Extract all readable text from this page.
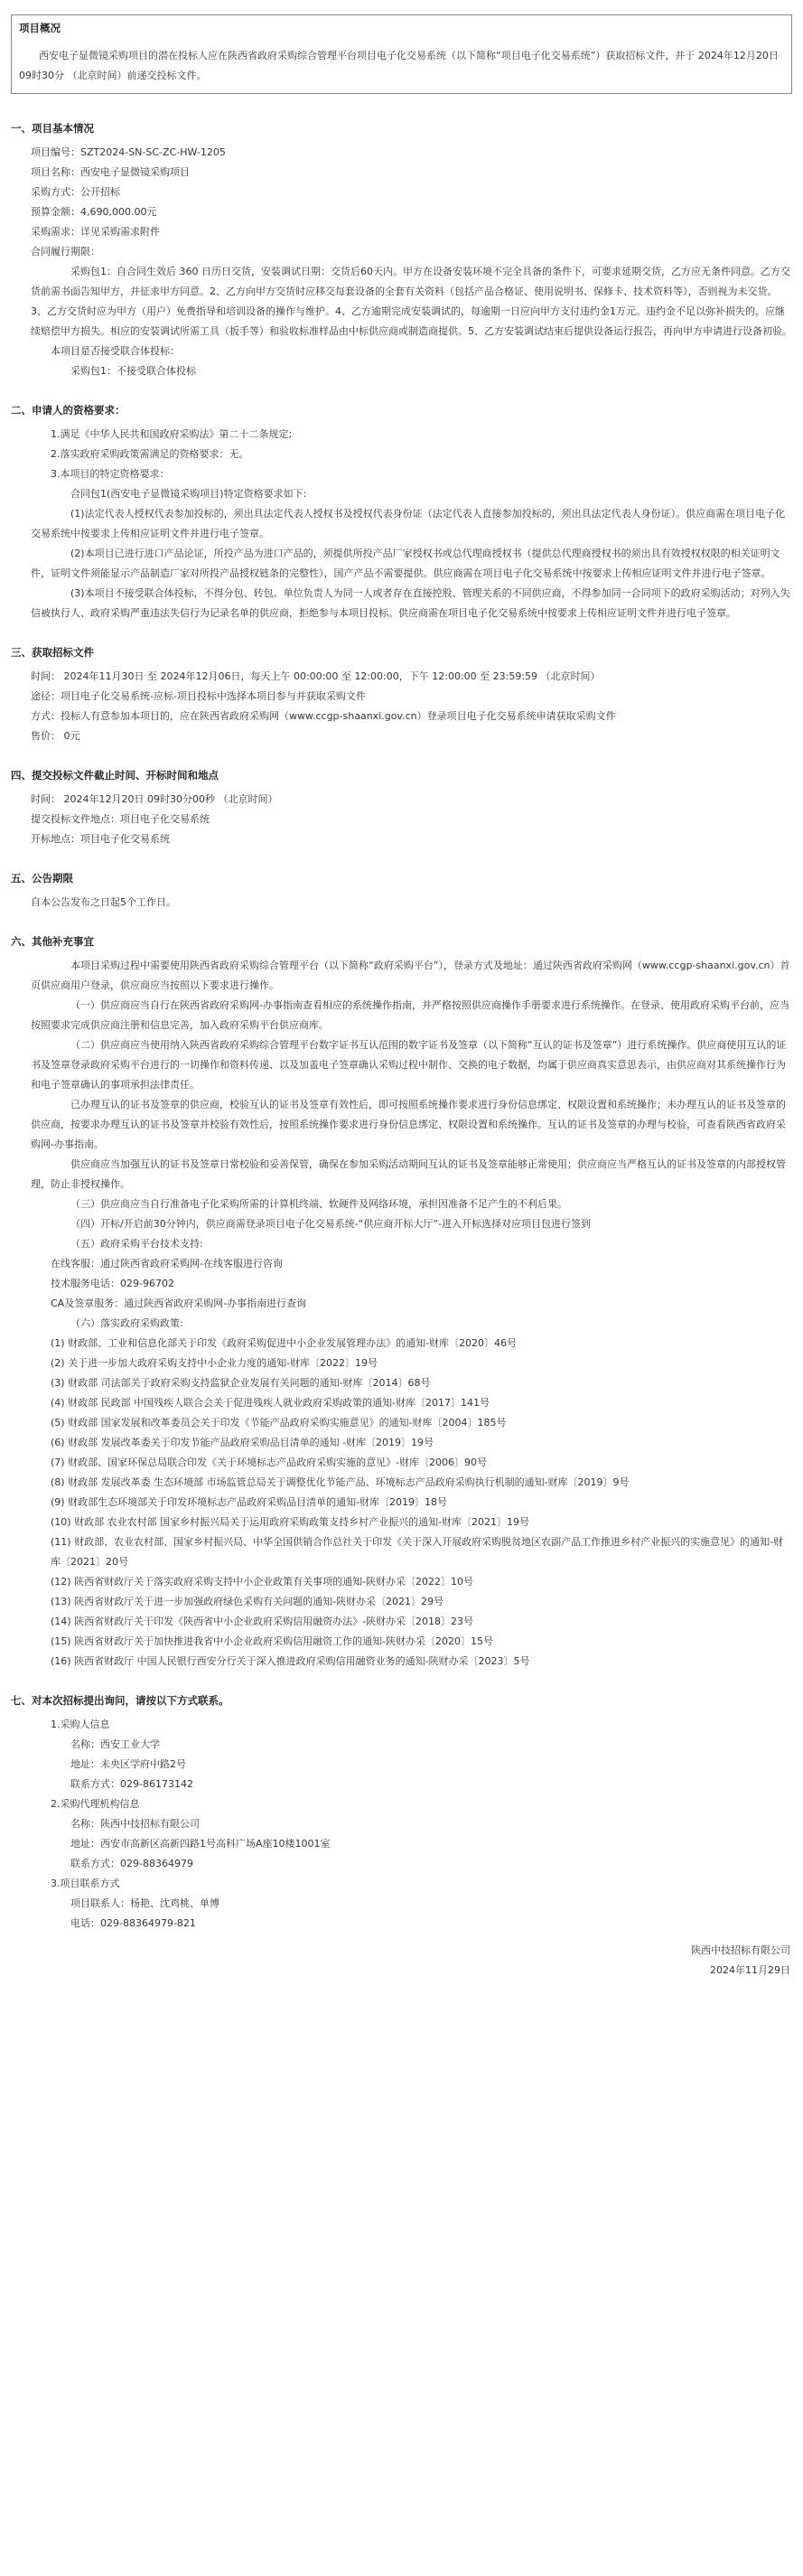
项目概况

西安电子显微镜采购项目的潜在投标人应在陕西省政府采购综合管理平台项目电子化交易系统（以下简称“项目电子化交易系统”）获取招标文件，并于 2024年12月20日 09时30分 （北京时间）前递交投标文件。

一、项目基本情况

项目编号：SZT2024-SN-SC-ZC-HW-1205

项目名称：西安电子显微镜采购项目

采购方式：公开招标

预算金额：4,690,000.00元

采购需求：详见采购需求附件

合同履行期限：

采购包1：自合同生效后 360 日历日交货，安装调试日期：交货后60天内。甲方在设备安装环境不完全具备的条件下，可要求延期交货，乙方应无条件同意。乙方交货前需书面告知甲方，并征求甲方同意。2、乙方向甲方交货时应移交每套设备的全套有关资料（包括产品合格证、使用说明书、保修卡、技术资料等），否则视为未交货。3、乙方交货时应为甲方（用户）免费指导和培训设备的操作与维护。4、乙方逾期完成安装调试的，每逾期一日应向甲方支付违约金1万元。违约金不足以弥补损失的，应继续赔偿甲方损失。相应的安装调试所需工具（扳手等）和验收标准样品由中标供应商或制造商提供。5、乙方安装调试结束后提供设备运行报告，再向甲方申请进行设备初验。

本项目是否接受联合体投标：

采购包1：不接受联合体投标

二、申请人的资格要求：

1.满足《中华人民共和国政府采购法》第二十二条规定;

2.落实政府采购政策需满足的资格要求：无。

3.本项目的特定资格要求：

合同包1(西安电子显微镜采购项目)特定资格要求如下:

(1)法定代表人授权代表参加投标的，须出具法定代表人授权书及授权代表身份证（法定代表人直接参加投标的，须出具法定代表人身份证）。供应商需在项目电子化交易系统中按要求上传相应证明文件并进行电子签章。

(2)本项目已进行进口产品论证，所投产品为进口产品的，须提供所投产品厂家授权书或总代理商授权书（提供总代理商授权书的须出具有效授权权限的相关证明文件，证明文件须能显示产品制造厂家对所投产品授权链条的完整性），国产产品不需要提供。供应商需在项目电子化交易系统中按要求上传相应证明文件并进行电子签章。

(3)本项目不接受联合体投标，不得分包、转包。单位负责人为同一人或者存在直接控股、管理关系的不同供应商，不得参加同一合同项下的政府采购活动；对列入失信被执行人、政府采购严重违法失信行为记录名单的供应商，拒绝参与本项目投标。供应商需在项目电子化交易系统中按要求上传相应证明文件并进行电子签章。

三、获取招标文件

时间： 2024年11月30日 至 2024年12月06日，每天上午 00:00:00 至 12:00:00，下午 12:00:00 至 23:59:59 （北京时间）

途径：项目电子化交易系统-应标-项目投标中选择本项目参与并获取采购文件

方式：投标人有意参加本项目的，应在陕西省政府采购网（www.ccgp-shaanxi.gov.cn）登录项目电子化交易系统申请获取采购文件

售价： 0元

四、提交投标文件截止时间、开标时间和地点

时间： 2024年12月20日 09时30分00秒 （北京时间）

提交投标文件地点：项目电子化交易系统

开标地点：项目电子化交易系统

五、公告期限

自本公告发布之日起5个工作日。

六、其他补充事宜

本项目采购过程中需要使用陕西省政府采购综合管理平台（以下简称“政府采购平台”），登录方式及地址：通过陕西省政府采购网（www.ccgp-shaanxi.gov.cn）首页供应商用户登录，供应商应当按照以下要求进行操作。

（一）供应商应当自行在陕西省政府采购网-办事指南查看相应的系统操作指南，并严格按照供应商操作手册要求进行系统操作。在登录、使用政府采购平台前，应当按照要求完成供应商注册和信息完善，加入政府采购平台供应商库。

（二）供应商应当使用纳入陕西省政府采购综合管理平台数字证书互认范围的数字证书及签章（以下简称“互认的证书及签章”）进行系统操作。供应商使用互认的证书及签章登录政府采购平台进行的一切操作和资料传递、以及加盖电子签章确认采购过程中制作、交换的电子数据，均属于供应商真实意思表示，由供应商对其系统操作行为和电子签章确认的事项承担法律责任。

已办理互认的证书及签章的供应商，校验互认的证书及签章有效性后，即可按照系统操作要求进行身份信息绑定、权限设置和系统操作；未办理互认的证书及签章的供应商，按要求办理互认的证书及签章并校验有效性后，按照系统操作要求进行身份信息绑定、权限设置和系统操作。互认的证书及签章的办理与校验，可查看陕西省政府采购网-办事指南。

供应商应当加强互认的证书及签章日常校验和妥善保管，确保在参加采购活动期间互认的证书及签章能够正常使用；供应商应当严格互认的证书及签章的内部授权管理，防止非授权操作。

（三）供应商应当自行准备电子化采购所需的计算机终端、软硬件及网络环境，承担因准备不足产生的不利后果。

（四）开标/开启前30分钟内，供应商需登录项目电子化交易系统-“供应商开标大厅”-进入开标选择对应项目包进行签到

（五）政府采购平台技术支持:

在线客服：通过陕西省政府采购网-在线客服进行咨询

技术服务电话：029-96702

CA及签章服务：通过陕西省政府采购网-办事指南进行查询

（六）落实政府采购政策:

(1) 财政部、工业和信息化部关于印发《政府采购促进中小企业发展管理办法》的通知-财库〔2020〕46号

(2) 关于进一步加大政府采购支持中小企业力度的通知-财库〔2022〕19号

(3) 财政部 司法部关于政府采购支持监狱企业发展有关问题的通知-财库〔2014〕68号

(4) 财政部 民政部 中国残疾人联合会关于促进残疾人就业政府采购政策的通知-财库〔2017〕141号

(5) 财政部 国家发展和改革委员会关于印发《节能产品政府采购实施意见》的通知-财库〔2004〕185号

(6) 财政部 发展改革委关于印发节能产品政府采购品目清单的通知 -财库〔2019〕19号

(7) 财政部、国家环保总局联合印发《关于环境标志产品政府采购实施的意见》-财库〔2006〕90号

(8) 财政部 发展改革委 生态环境部 市场监管总局关于调整优化节能产品、环境标志产品政府采购执行机制的通知-财库〔2019〕9号

(9) 财政部生态环境部关于印发环境标志产品政府采购品目清单的通知-财库〔2019〕18号

(10) 财政部 农业农村部 国家乡村振兴局关于运用政府采购政策支持乡村产业振兴的通知-财库〔2021〕19号

(11) 财政部、农业农村部、国家乡村振兴局、中华全国供销合作总社关于印发《关于深入开展政府采购脱贫地区农副产品工作推进乡村产业振兴的实施意见》的通知-财库〔2021〕20号

(12) 陕西省财政厅关于落实政府采购支持中小企业政策有关事项的通知-陕财办采〔2022〕10号

(13) 陕西省财政厅关于进一步加强政府绿色采购有关问题的通知-陕财办采〔2021〕29号

(14) 陕西省财政厅关于印发《陕西省中小企业政府采购信用融资办法》-陕财办采〔2018〕23号

(15) 陕西省财政厅关于加快推进我省中小企业政府采购信用融资工作的通知-陕财办采〔2020〕15号

(16) 陕西省财政厅 中国人民银行西安分行关于深入推进政府采购信用融资业务的通知-陕财办采〔2023〕5号

七、对本次招标提出询问，请按以下方式联系。

1.采购人信息

名称：西安工业大学

地址：未央区学府中路2号

联系方式：029-86173142

2.采购代理机构信息

名称：陕西中技招标有限公司

地址：西安市高新区高新四路1号高科广场A座10楼1001室

联系方式：029-88364979

3.项目联系方式

项目联系人：杨艳、沈鸡桃、单博

电话：029-88364979-821

陕西中技招标有限公司

2024年11月29日
